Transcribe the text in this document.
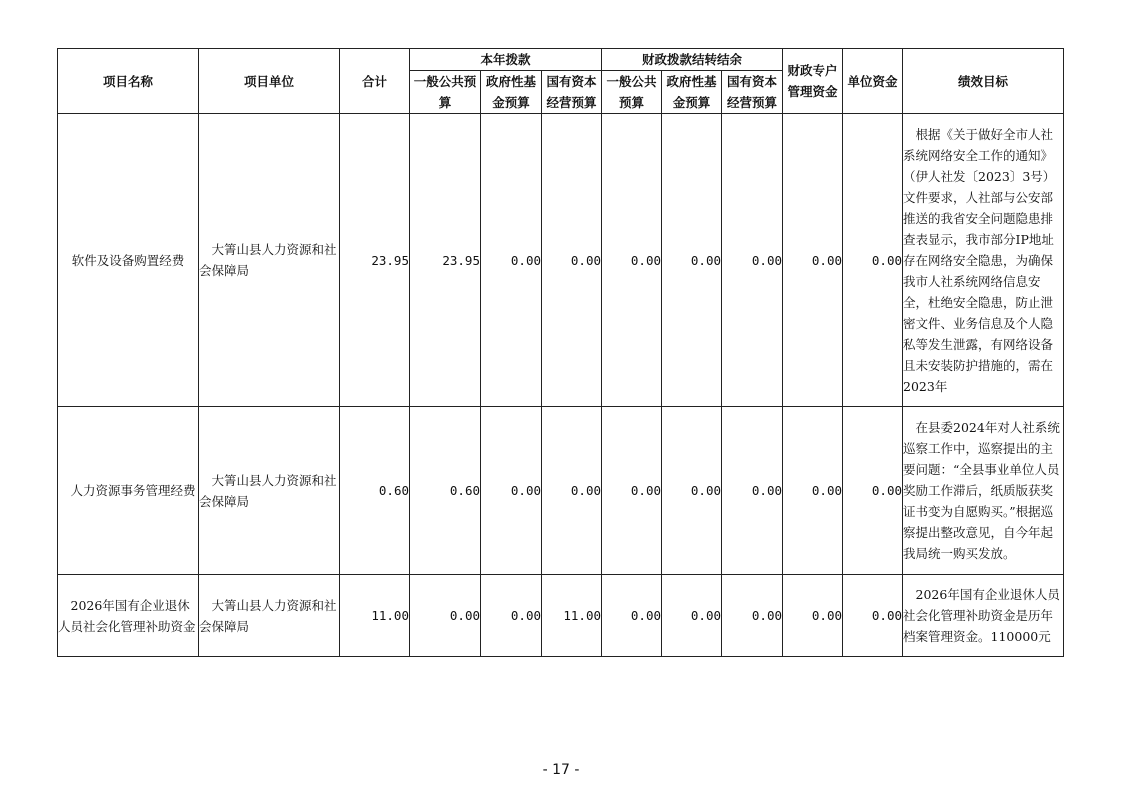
项目名称	项目单位	合计	本年拨款			财政拨款结转结余			财政专户管理资金	单位资金	绩效目标
			一般公共预算	政府性基金预算	国有资本经营预算	一般公共预算	政府性基金预算	国有资本经营预算			
软件及设备购置经费	大箐山县人力资源和社会保障局	23.95	23.95	0.00	0.00	0.00	0.00	0.00	0.00	0.00	根据《关于做好全市人社系统网络安全工作的通知》（伊人社发〔2023〕3号）文件要求，人社部与公安部推送的我省安全问题隐患排查表显示，我市部分IP地址存在网络安全隐患，为确保我市人社系统网络信息安全，杜绝安全隐患，防止泄密文件、业务信息及个人隐私等发生泄露，有网络设备且未安装防护措施的，需在2023年
人力资源事务管理经费	大箐山县人力资源和社会保障局	0.60	0.60	0.00	0.00	0.00	0.00	0.00	0.00	0.00	在县委2024年对人社系统巡察工作中，巡察提出的主要问题：“全县事业单位人员奖励工作滞后，纸质版获奖证书变为自愿购买。”根据巡察提出整改意见，自今年起我局统一购买发放。
2026年国有企业退休人员社会化管理补助资金	大箐山县人力资源和社会保障局	11.00	0.00	0.00	11.00	0.00	0.00	0.00	0.00	0.00	2026年国有企业退休人员社会化管理补助资金是历年档案管理资金。110000元
- 17 -
